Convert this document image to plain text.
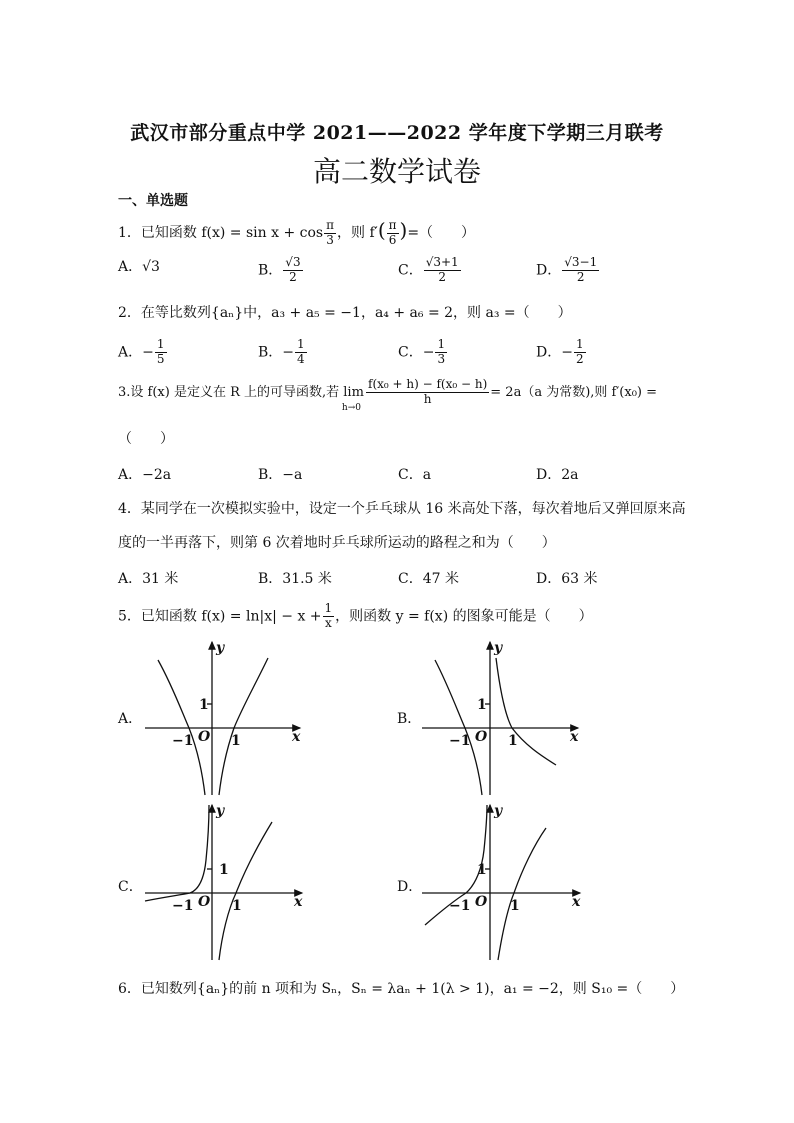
武汉市部分重点中学 2021——2022 学年度下学期三月联考
高二数学试卷
一、单选题
1．已知函数 $f(x) = \sin x + \cos \frac{\pi}{3}$ ，则 $f'( \frac{\pi}{6}$ )=（　　）
A．√3	B． $\frac{√3}{2}$	C． $\frac{√3+1}{2}$	D． $\frac{√3-1}{2}$
2．在等比数列{aₙ}中，a₃ + a₅ = −1，a₄ + a₆ = 2，则 a₃ =（　　）
A．− $\frac{1}{5}$	B．− $\frac{1}{4}$	C．− $\frac{1}{3}$	D．− $\frac{1}{2}$
3.设 f(x) 是定义在 R 上的可导函数,若 limh→0
$\frac{\text{f(x₀ + h) − f(x₀ − h)}}{h} = 2a(a$ 为常数),则 f′(x₀) =
（　　）
A．−2a	B．−a	C．a	D．2a
4．某同学在一次模拟实验中，设定一个乒乓球从 16 米高处下落，每次着地后又弹回原来高
度的一半再落下，则第 6 次着地时乒乓球所运动的路程之和为（　　）
A．31 米	B．31.5 米	C．47 米	D．63 米
5．已知函数 $f(x) = \ln|x| - x + \frac{1}{x}$ ，则函数 y = f(x) 的图象可能是（　　）
A．	B．
C．	D．
y
x
1
O
−1	1
y
x
1
O
−1	1
y
x
1
O
−1	1
y
x
1
O
−1	1
6．已知数列{aₙ}的前 n 项和为 Sₙ，Sₙ = λaₙ + 1(λ > 1)，a₁ = −2，则 S₁₀ =（　　）
